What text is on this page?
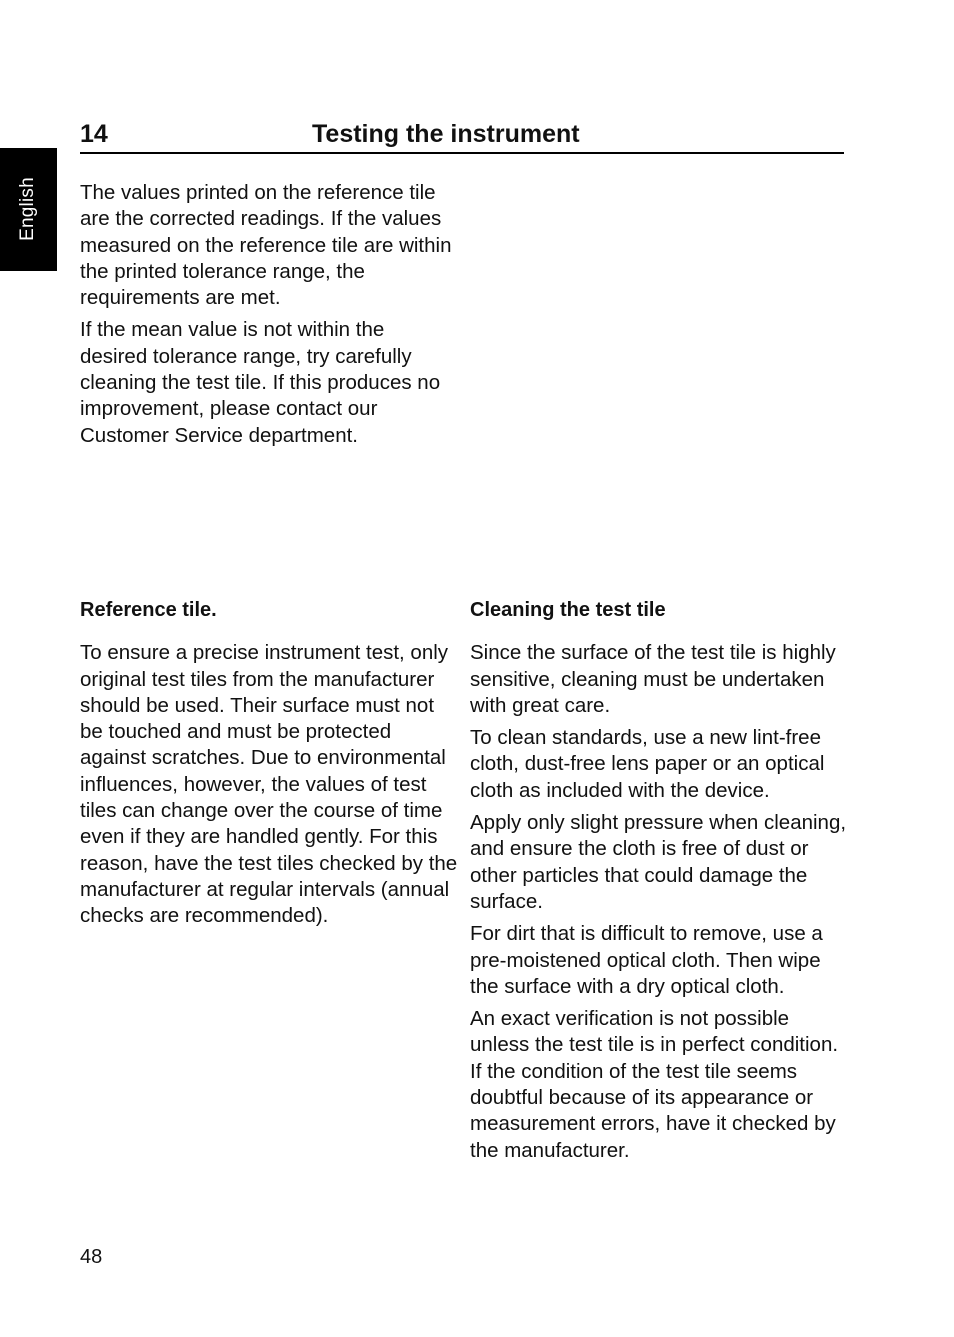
English
14	Testing the instrument

The values printed on the reference tile are the corrected readings. If the values measured on the reference tile are within the printed tolerance range, the requirements are met.

If the mean value is not within the desired tolerance range, try carefully cleaning the test tile. If this produces no improvement, please contact our Customer Service department.

Reference tile.

To ensure a precise instrument test, only original test tiles from the manufacturer should be used. Their surface must not be touched and must be protected against scratches. Due to environmental influences, however, the values of test tiles can change over the course of time even if they are handled gently. For this reason, have the test tiles checked by the manufacturer at regular intervals (annual checks are recommended).

Cleaning the test tile

Since the surface of the test tile is highly sensitive, cleaning must be undertaken with great care.

To clean standards, use a new lint-free cloth, dust-free lens paper or an optical cloth as included with the device.

Apply only slight pressure when cleaning, and ensure the cloth is free of dust or other particles that could damage the surface.

For dirt that is difficult to remove, use a pre-moistened optical cloth. Then wipe the surface with a dry optical cloth.

An exact verification is not possible unless the test tile is in perfect condition. If the condition of the test tile seems doubtful because of its appearance or measurement errors, have it checked by the manufacturer.

48
